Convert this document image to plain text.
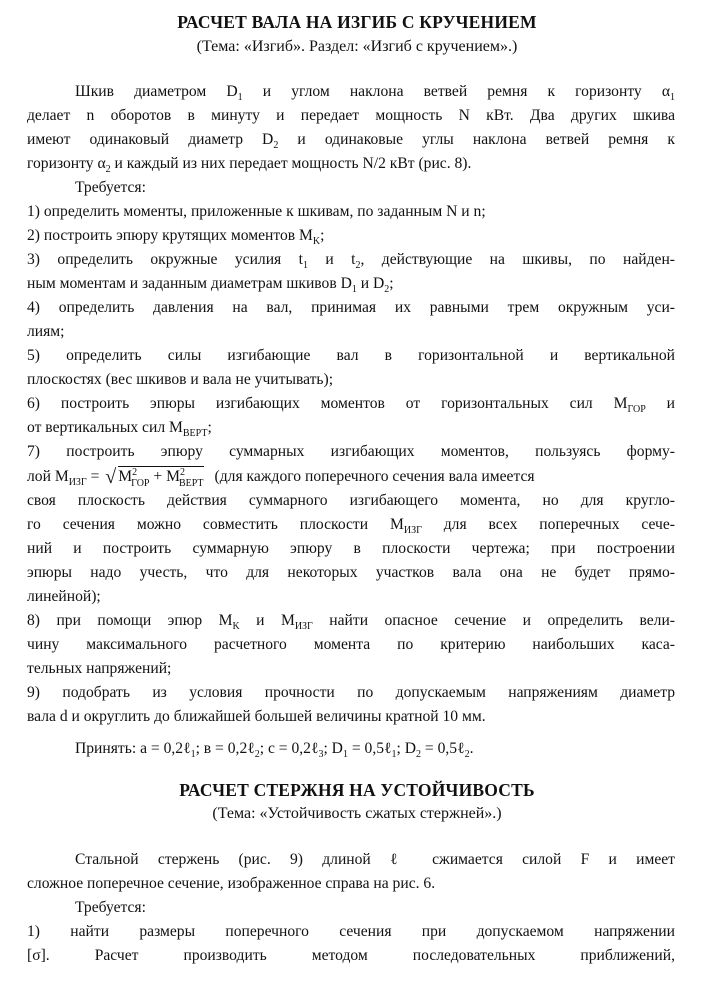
РАСЧЕТ ВАЛА НА ИЗГИБ С КРУЧЕНИЕМ
(Тема: «Изгиб». Раздел: «Изгиб с кручением».)
Шкив диаметром $D_1$ и углом наклона ветвей ремня к горизонту $\alpha_1$
делает n оборотов в минуту и передает мощность N кВт. Два других шкива
имеют одинаковый диаметр $D_2$ и одинаковые углы наклона ветвей ремня к
горизонту $\alpha_2$ и каждый из них передает мощность N/2 кВт (рис. 8).
Требуется:
1) определить моменты, приложенные к шкивам, по заданным N и n;
2) построить эпюру крутящих моментов $M_K$;
3) определить окружные усилия $t_1$ и $t_2$, действующие на шкивы, по найден-
ным моментам и заданным диаметрам шкивов $D_1$ и $D_2$;
4) определить давления на вал, принимая их равными трем окружным уси-
лиям;
5) определить силы изгибающие вал в горизонтальной и вертикальной
плоскостях (вес шкивов и вала не учитывать);
6) построить эпюры изгибающих моментов от горизонтальных сил $M_{ГОР}$ и
от вертикальных сил $M_{ВЕРТ}$;
7) построить эпюру суммарных изгибающих моментов, пользуясь форму-
лой $M_{ИЗГ}$ = √ $M^2_{ГОР} + M^2_{ВЕРТ}$ (для каждого поперечного сечения вала имеется
своя плоскость действия суммарного изгибающего момента, но для кругло-
го сечения можно совместить плоскости $M_{ИЗГ}$ для всех поперечных сече-
ний и построить суммарную эпюру в плоскости чертежа; при построении
эпюры надо учесть, что для некоторых участков вала она не будет прямо-
линейной);
8) при помощи эпюр $M_K$ и $M_{ИЗГ}$ найти опасное сечение и определить вели-
чину максимального расчетного момента по критерию наибольших каса-
тельных напряжений;
9) подобрать из условия прочности по допускаемым напряжениям диаметр
вала d и округлить до ближайшей большей величины кратной 10 мм.
Принять: a = 0,2ℓ$_1$; в = 0,2ℓ$_2$; c = 0,2ℓ$_3$; $D_1$ = 0,5ℓ$_1$; $D_2$ = 0,5ℓ$_2$.
РАСЧЕТ СТЕРЖНЯ НА УСТОЙЧИВОСТЬ
(Тема: «Устойчивость сжатых стержней».)
Стальной стержень (рис. 9) длиной ℓ сжимается силой F и имеет
сложное поперечное сечение, изображенное справа на рис. 6.
Требуется:
1) найти размеры поперечного сечения при допускаемом напряжении
[σ]. Расчет производить методом последовательных приближений,
